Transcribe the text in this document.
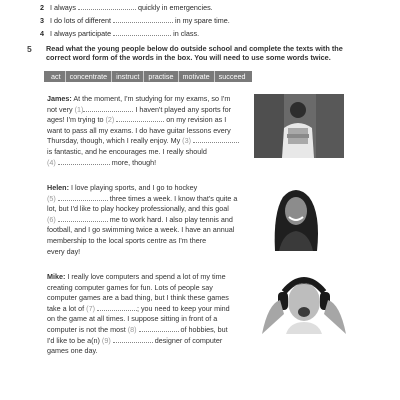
2 I always	quickly in emergencies.
3 I do lots of different	in my spare time.
4 I always participate	in class.
5 Read what the young people below do outside school and complete the texts with the
correct word form of the words in the box. You will need to use some words twice.
act	concentrate	instruct	practise	motivate	succeed
James: At the moment, I'm studying for my exams, so I'm
not very (1)	. I haven't played any sports for
ages! I'm trying to (2)	on my revision as I
want to pass all my exams. I do have guitar lessons every
Thursday, though, which I really enjoy. My (3)
is fantastic, and he encourages me. I really should
(4)	more, though!
Helen: I love playing sports, and I go to hockey
(5)	three times a week. I know that's quite a
lot, but I'd like to play hockey professionally, and this goal
(6)	me to work hard. I also play tennis and
football, and I go swimming twice a week. I have an annual
membership to the local sports centre as I'm there
every day!
Mike: I really love computers and spend a lot of my time
creating computer games for fun. Lots of people say
computer games are a bad thing, but I think these games
take a lot of (7)	; you need to keep your mind
on the game at all times. I suppose sitting in front of a
computer is not the most (8)	of hobbies, but
I'd like to be a(n) (9)	designer of computer
games one day.
